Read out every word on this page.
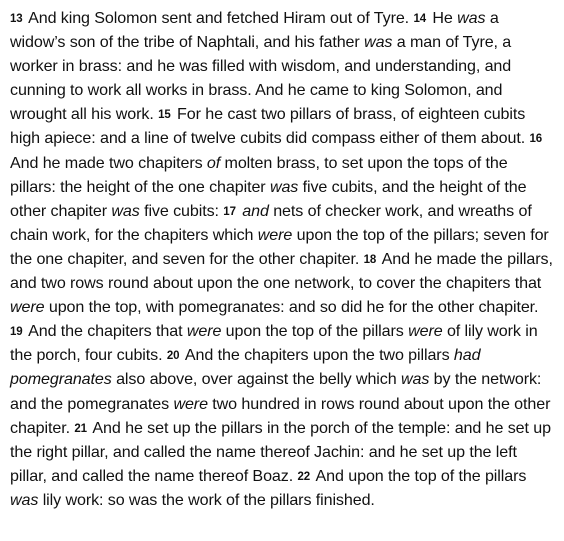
13 And king Solomon sent and fetched Hiram out of Tyre. 14 He was a widow’s son of the tribe of Naphtali, and his father was a man of Tyre, a worker in brass: and he was filled with wisdom, and understanding, and cunning to work all works in brass. And he came to king Solomon, and wrought all his work. 15 For he cast two pillars of brass, of eighteen cubits high apiece: and a line of twelve cubits did compass either of them about. 16 And he made two chapiters of molten brass, to set upon the tops of the pillars: the height of the one chapiter was five cubits, and the height of the other chapiter was five cubits: 17 and nets of checker work, and wreaths of chain work, for the chapiters which were upon the top of the pillars; seven for the one chapiter, and seven for the other chapiter. 18 And he made the pillars, and two rows round about upon the one network, to cover the chapiters that were upon the top, with pomegranates: and so did he for the other chapiter. 19 And the chapiters that were upon the top of the pillars were of lily work in the porch, four cubits. 20 And the chapiters upon the two pillars had pomegranates also above, over against the belly which was by the network: and the pomegranates were two hundred in rows round about upon the other chapiter. 21 And he set up the pillars in the porch of the temple: and he set up the right pillar, and called the name thereof Jachin: and he set up the left pillar, and called the name thereof Boaz. 22 And upon the top of the pillars was lily work: so was the work of the pillars finished.
